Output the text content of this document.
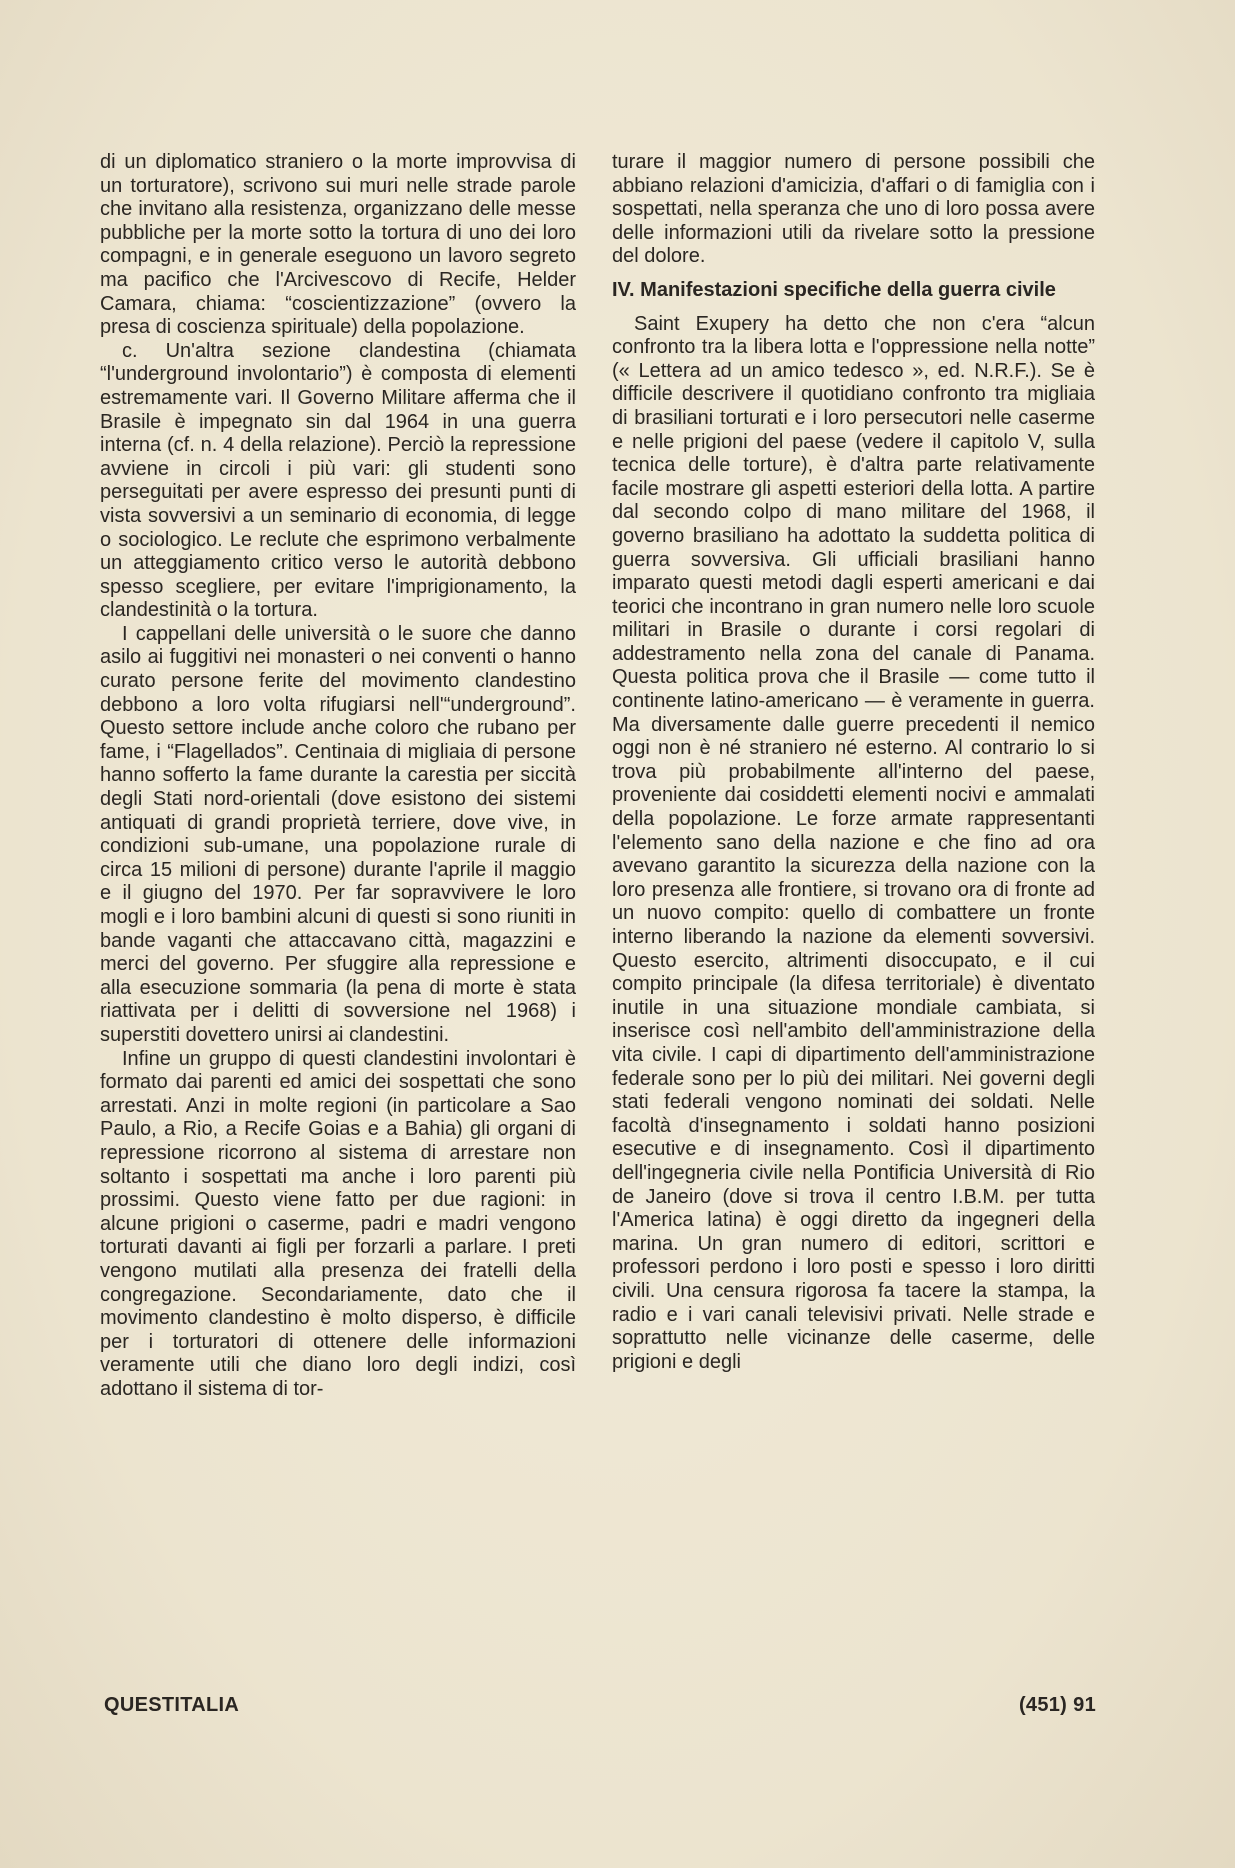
di un diplomatico straniero o la morte improvvisa di un torturatore), scrivono sui muri nelle strade parole che invitano alla resistenza, organizzano delle messe pubbliche per la morte sotto la tortura di uno dei loro compagni, e in generale eseguono un lavoro segreto ma pacifico che l'Arcivescovo di Recife, Helder Camara, chiama: “coscientizzazione” (ovvero la presa di coscienza spirituale) della popolazione.

c. Un'altra sezione clandestina (chiamata “l'underground involontario”) è composta di elementi estremamente vari. Il Governo Militare afferma che il Brasile è impegnato sin dal 1964 in una guerra interna (cf. n. 4 della relazione). Perciò la repressione avviene in circoli i più vari: gli studenti sono perseguitati per avere espresso dei presunti punti di vista sovversivi a un seminario di economia, di legge o sociologico. Le reclute che esprimono verbalmente un atteggiamento critico verso le autorità debbono spesso scegliere, per evitare l'imprigionamento, la clandestinità o la tortura.

I cappellani delle università o le suore che danno asilo ai fuggitivi nei monasteri o nei conventi o hanno curato persone ferite del movimento clandestino debbono a loro volta rifugiarsi nell'“underground”. Questo settore include anche coloro che rubano per fame, i “Flagellados”. Centinaia di migliaia di persone hanno sofferto la fame durante la carestia per siccità degli Stati nord-orientali (dove esistono dei sistemi antiquati di grandi proprietà terriere, dove vive, in condizioni sub-umane, una popolazione rurale di circa 15 milioni di persone) durante l'aprile il maggio e il giugno del 1970. Per far sopravvivere le loro mogli e i loro bambini alcuni di questi si sono riuniti in bande vaganti che attaccavano città, magazzini e merci del governo. Per sfuggire alla repressione e alla esecuzione sommaria (la pena di morte è stata riattivata per i delitti di sovversione nel 1968) i superstiti dovettero unirsi ai clandestini.

Infine un gruppo di questi clandestini involontari è formato dai parenti ed amici dei sospettati che sono arrestati. Anzi in molte regioni (in particolare a Sao Paulo, a Rio, a Recife Goias e a Bahia) gli organi di repressione ricorrono al sistema di arrestare non soltanto i sospettati ma anche i loro parenti più prossimi. Questo viene fatto per due ragioni: in alcune prigioni o caserme, padri e madri vengono torturati davanti ai figli per forzarli a parlare. I preti vengono mutilati alla presenza dei fratelli della congregazione. Secondariamente, dato che il movimento clandestino è molto disperso, è difficile per i torturatori di ottenere delle informazioni veramente utili che diano loro degli indizi, così adottano il sistema di tor-

turare il maggior numero di persone possibili che abbiano relazioni d'amicizia, d'affari o di famiglia con i sospettati, nella speranza che uno di loro possa avere delle informazioni utili da rivelare sotto la pressione del dolore.

IV. Manifestazioni specifiche della guerra civile

Saint Exupery ha detto che non c'era “alcun confronto tra la libera lotta e l'oppressione nella notte” (« Lettera ad un amico tedesco », ed. N.R.F.). Se è difficile descrivere il quotidiano confronto tra migliaia di brasiliani torturati e i loro persecutori nelle caserme e nelle prigioni del paese (vedere il capitolo V, sulla tecnica delle torture), è d'altra parte relativamente facile mostrare gli aspetti esteriori della lotta. A partire dal secondo colpo di mano militare del 1968, il governo brasiliano ha adottato la suddetta politica di guerra sovversiva. Gli ufficiali brasiliani hanno imparato questi metodi dagli esperti americani e dai teorici che incontrano in gran numero nelle loro scuole militari in Brasile o durante i corsi regolari di addestramento nella zona del canale di Panama. Questa politica prova che il Brasile — come tutto il continente latino-americano — è veramente in guerra. Ma diversamente dalle guerre precedenti il nemico oggi non è né straniero né esterno. Al contrario lo si trova più probabilmente all'interno del paese, proveniente dai cosiddetti elementi nocivi e ammalati della popolazione. Le forze armate rappresentanti l'elemento sano della nazione e che fino ad ora avevano garantito la sicurezza della nazione con la loro presenza alle frontiere, si trovano ora di fronte ad un nuovo compito: quello di combattere un fronte interno liberando la nazione da elementi sovversivi. Questo esercito, altrimenti disoccupato, e il cui compito principale (la difesa territoriale) è diventato inutile in una situazione mondiale cambiata, si inserisce così nell'ambito dell'amministrazione della vita civile. I capi di dipartimento dell'amministrazione federale sono per lo più dei militari. Nei governi degli stati federali vengono nominati dei soldati. Nelle facoltà d'insegnamento i soldati hanno posizioni esecutive e di insegnamento. Così il dipartimento dell'ingegneria civile nella Pontificia Università di Rio de Janeiro (dove si trova il centro I.B.M. per tutta l'America latina) è oggi diretto da ingegneri della marina. Un gran numero di editori, scrittori e professori perdono i loro posti e spesso i loro diritti civili. Una censura rigorosa fa tacere la stampa, la radio e i vari canali televisivi privati. Nelle strade e soprattutto nelle vicinanze delle caserme, delle prigioni e degli

QUESTITALIA	(451) 91
